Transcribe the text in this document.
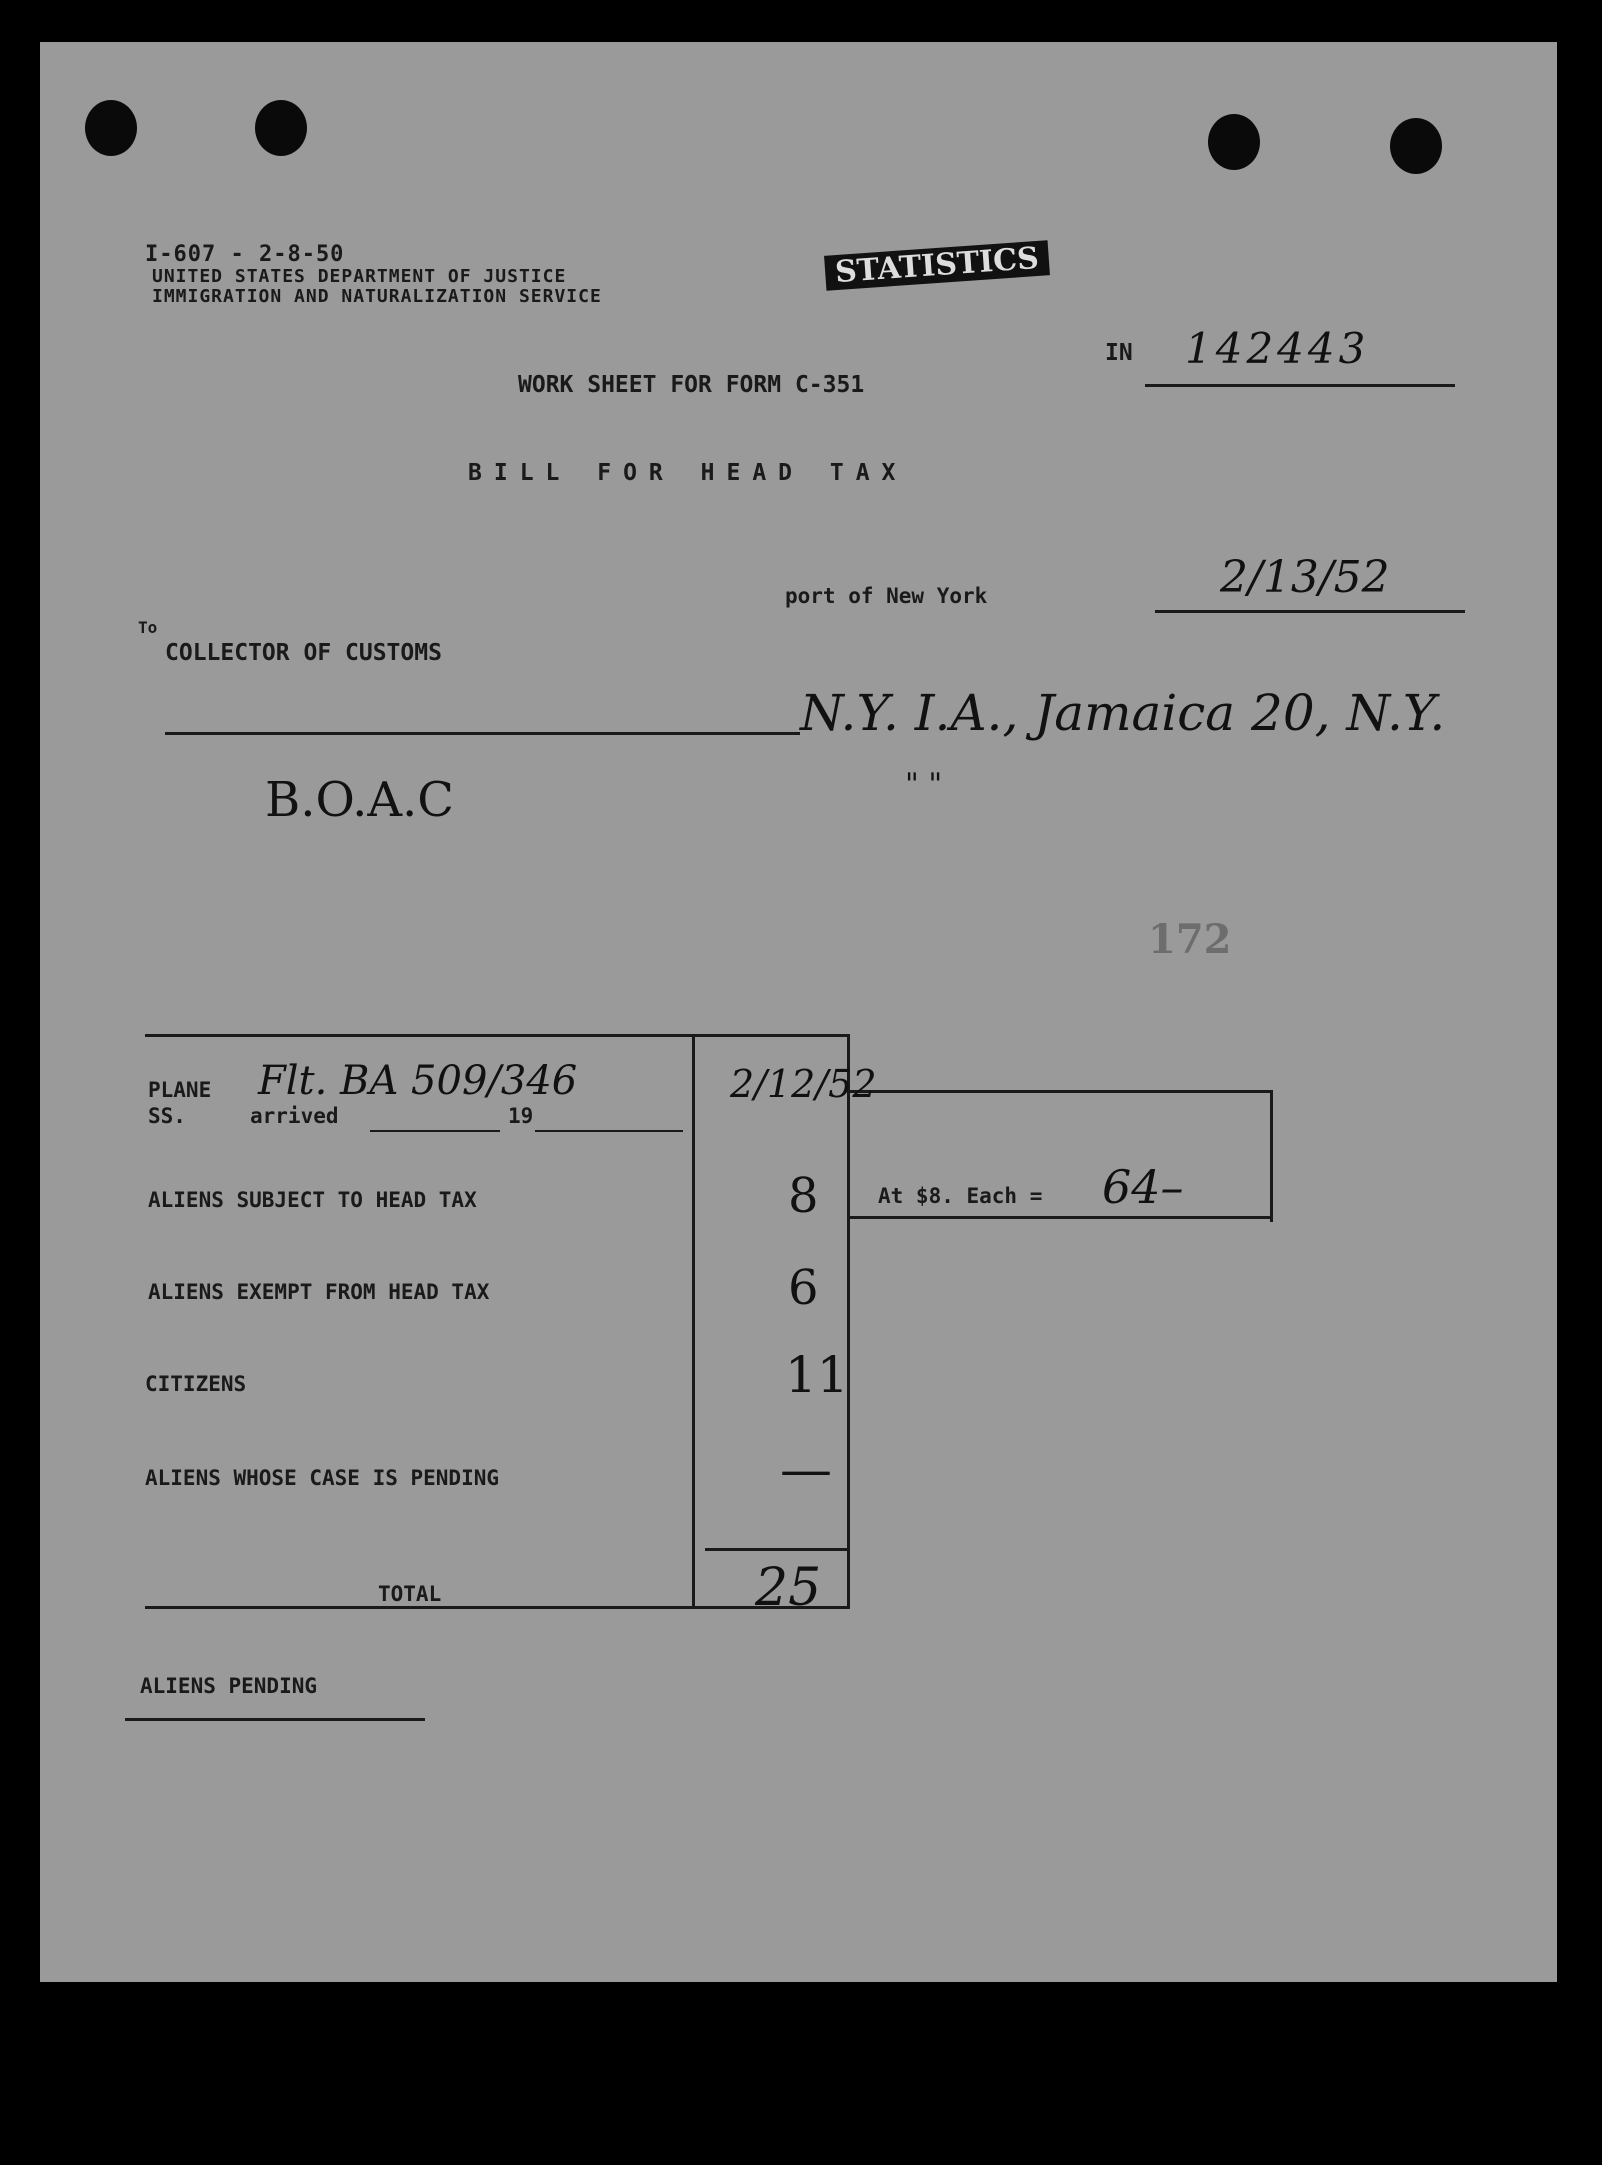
I-607 - 2-8-50
UNITED STATES DEPARTMENT OF JUSTICE
IMMIGRATION AND NATURALIZATION SERVICE
STATISTICS
IN 142443
WORK SHEET FOR FORM C-351
BILL FOR HEAD TAX
port of New York	2/13/52
To
COLLECTOR OF CUSTOMS
N.Y. I.A., Jamaica 20, N.Y.
" "
B.O.A.C
172
At $8. Each = 64–
PLANE
SS.	arrived	19
Flt. BA 509/346	2/12/52
ALIENS SUBJECT TO HEAD TAX	8
ALIENS EXEMPT FROM HEAD TAX	6
CITIZENS	11
ALIENS WHOSE CASE IS PENDING	—
TOTAL	25
ALIENS PENDING
